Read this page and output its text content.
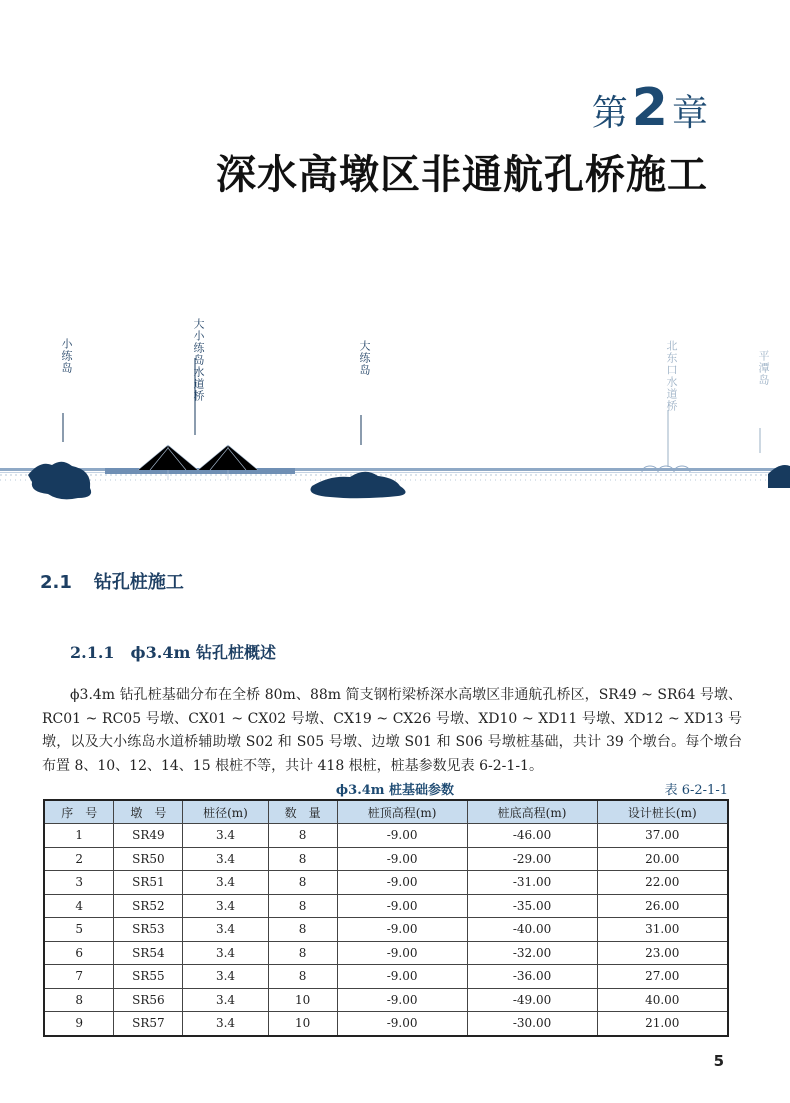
第 2 章
深水高墩区非通航孔桥施工
小练岛	大小练岛水道桥	大练岛	北东口水道桥	平潭岛
2.1 钻孔桩施工
2.1.1 ϕ3.4m 钻孔桩概述
ϕ3.4m 钻孔桩基础分布在全桥 80m、88m 简支钢桁梁桥深水高墩区非通航孔桥区，SR49 ~ SR64 号墩、RC01 ~ RC05 号墩、CX01 ~ CX02 号墩、CX19 ~ CX26 号墩、XD10 ~ XD11 号墩、XD12 ~ XD13 号墩，以及大小练岛水道桥辅助墩 S02 和 S05 号墩、边墩 S01 和 S06 号墩桩基础，共计 39 个墩台。每个墩台布置 8、10、12、14、15 根桩不等，共计 418 根桩，桩基参数见表 6-2-1-1。
ϕ3.4m 桩基础参数	表 6-2-1-1
序　号	墩　号	桩径(m)	数　量	桩顶高程(m)	桩底高程(m)	设计桩长(m)
1	SR49	3.4	8	-9.00	-46.00	37.00
2	SR50	3.4	8	-9.00	-29.00	20.00
3	SR51	3.4	8	-9.00	-31.00	22.00
4	SR52	3.4	8	-9.00	-35.00	26.00
5	SR53	3.4	8	-9.00	-40.00	31.00
6	SR54	3.4	8	-9.00	-32.00	23.00
7	SR55	3.4	8	-9.00	-36.00	27.00
8	SR56	3.4	10	-9.00	-49.00	40.00
9	SR57	3.4	10	-9.00	-30.00	21.00
5
